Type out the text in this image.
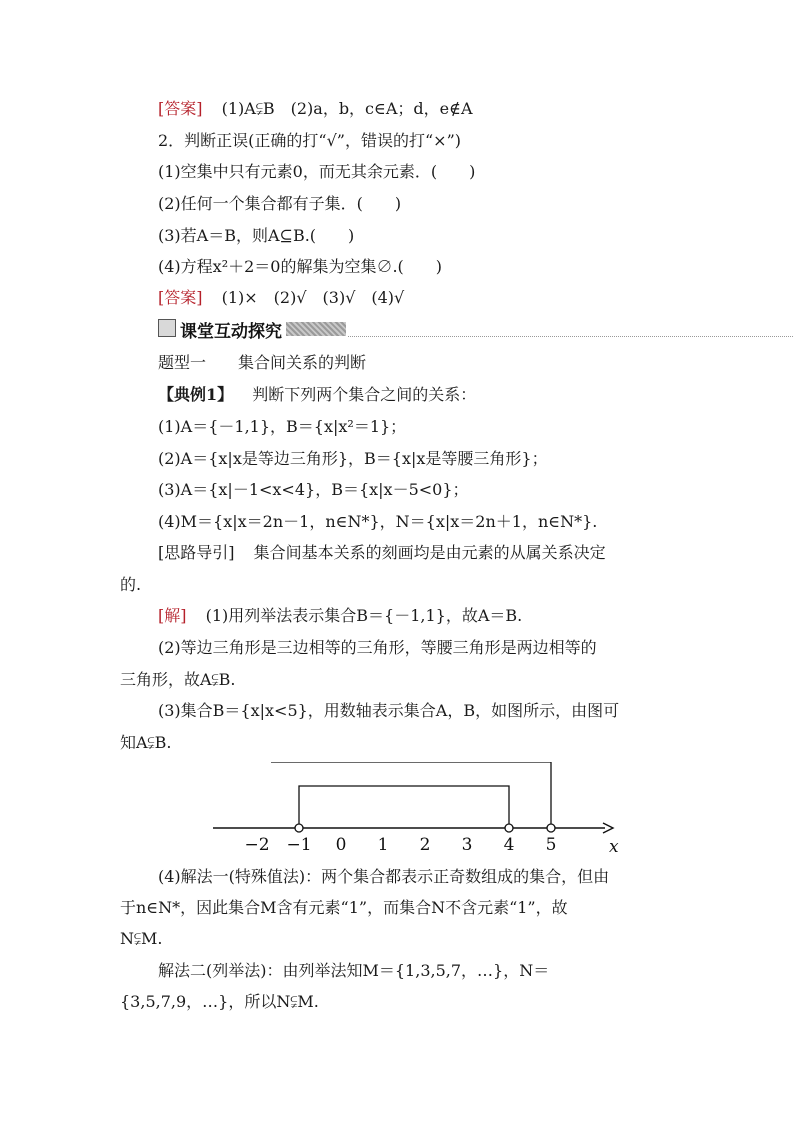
[答案] (1)A⫋B　(2)a，b，c∈A；d，e∉A
2．判断正误(正确的打“√”，错误的打“×”)
(1)空集中只有元素0，而无其余元素．(　　)
(2)任何一个集合都有子集．(　　)
(3)若A＝B，则A⊆B.(　　)
(4)方程x²＋2＝0的解集为空集∅.(　　)
[答案] (1)×　(2)√　(3)√　(4)√
课堂互动探究
题型一　　集合间关系的判断
【典例1】 判断下列两个集合之间的关系：
(1)A＝{－1,1}，B＝{x|x²＝1}；
(2)A＝{x|x是等边三角形}，B＝{x|x是等腰三角形}；
(3)A＝{x|－1<x<4}，B＝{x|x－5<0}；
(4)M＝{x|x＝2n－1，n∈N*}，N＝{x|x＝2n＋1，n∈N*}.
[思路导引] 集合间基本关系的刻画均是由元素的从属关系决定
的.
[解] (1)用列举法表示集合B＝{－1,1}，故A＝B.
(2)等边三角形是三边相等的三角形，等腰三角形是两边相等的
三角形，故A⫋B.
(3)集合B＝{x|x<5}，用数轴表示集合A，B，如图所示，由图可
知A⫋B.
x
−2 −1 0 1 2 3 4 5
(4)解法一(特殊值法)：两个集合都表示正奇数组成的集合，但由
于n∈N*，因此集合M含有元素“1”，而集合N不含元素“1”，故
N⫋M.
解法二(列举法)：由列举法知M＝{1,3,5,7，…}，N＝
{3,5,7,9，…}，所以N⫋M.
